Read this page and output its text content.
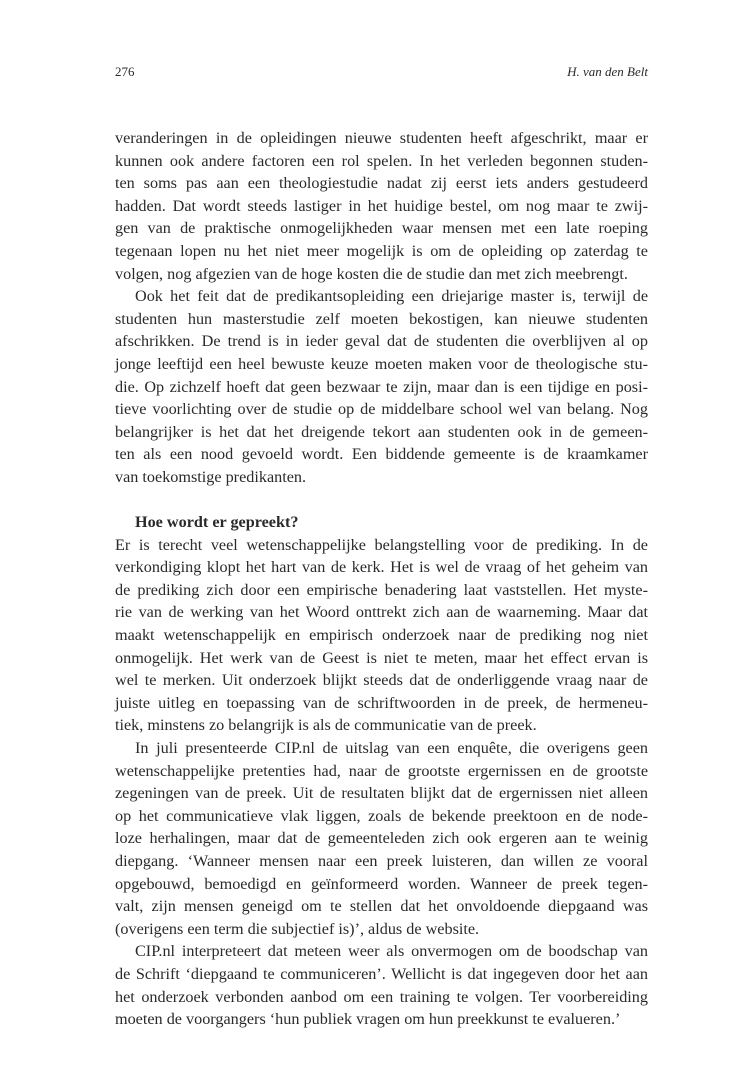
276	H. van den Belt
veranderingen in de opleidingen nieuwe studenten heeft afgeschrikt, maar er
kunnen ook andere factoren een rol spelen. In het verleden begonnen studen-
ten soms pas aan een theologiestudie nadat zij eerst iets anders gestudeerd
hadden. Dat wordt steeds lastiger in het huidige bestel, om nog maar te zwij-
gen van de praktische onmogelijkheden waar mensen met een late roeping
tegenaan lopen nu het niet meer mogelijk is om de opleiding op zaterdag te
volgen, nog afgezien van de hoge kosten die de studie dan met zich meebrengt.
Ook het feit dat de predikantsopleiding een driejarige master is, terwijl de
studenten hun masterstudie zelf moeten bekostigen, kan nieuwe studenten
afschrikken. De trend is in ieder geval dat de studenten die overblijven al op
jonge leeftijd een heel bewuste keuze moeten maken voor de theologische stu-
die. Op zichzelf hoeft dat geen bezwaar te zijn, maar dan is een tijdige en posi-
tieve voorlichting over de studie op de middelbare school wel van belang. Nog
belangrijker is het dat het dreigende tekort aan studenten ook in de gemeen-
ten als een nood gevoeld wordt. Een biddende gemeente is de kraamkamer
van toekomstige predikanten.
Hoe wordt er gepreekt?
Er is terecht veel wetenschappelijke belangstelling voor de prediking. In de
verkondiging klopt het hart van de kerk. Het is wel de vraag of het geheim van
de prediking zich door een empirische benadering laat vaststellen. Het myste-
rie van de werking van het Woord onttrekt zich aan de waarneming. Maar dat
maakt wetenschappelijk en empirisch onderzoek naar de prediking nog niet
onmogelijk. Het werk van de Geest is niet te meten, maar het effect ervan is
wel te merken. Uit onderzoek blijkt steeds dat de onderliggende vraag naar de
juiste uitleg en toepassing van de schriftwoorden in de preek, de hermeneu-
tiek, minstens zo belangrijk is als de communicatie van de preek.
In juli presenteerde CIP.nl de uitslag van een enquête, die overigens geen
wetenschappelijke pretenties had, naar de grootste ergernissen en de grootste
zegeningen van de preek. Uit de resultaten blijkt dat de ergernissen niet alleen
op het communicatieve vlak liggen, zoals de bekende preektoon en de node-
loze herhalingen, maar dat de gemeenteleden zich ook ergeren aan te weinig
diepgang. ‘Wanneer mensen naar een preek luisteren, dan willen ze vooral
opgebouwd, bemoedigd en geïnformeerd worden. Wanneer de preek tegen-
valt, zijn mensen geneigd om te stellen dat het onvoldoende diepgaand was
(overigens een term die subjectief is)’, aldus de website.
CIP.nl interpreteert dat meteen weer als onvermogen om de boodschap van
de Schrift ‘diepgaand te communiceren’. Wellicht is dat ingegeven door het aan
het onderzoek verbonden aanbod om een training te volgen. Ter voorbereiding
moeten de voorgangers ‘hun publiek vragen om hun preekkunst te evalueren.’
